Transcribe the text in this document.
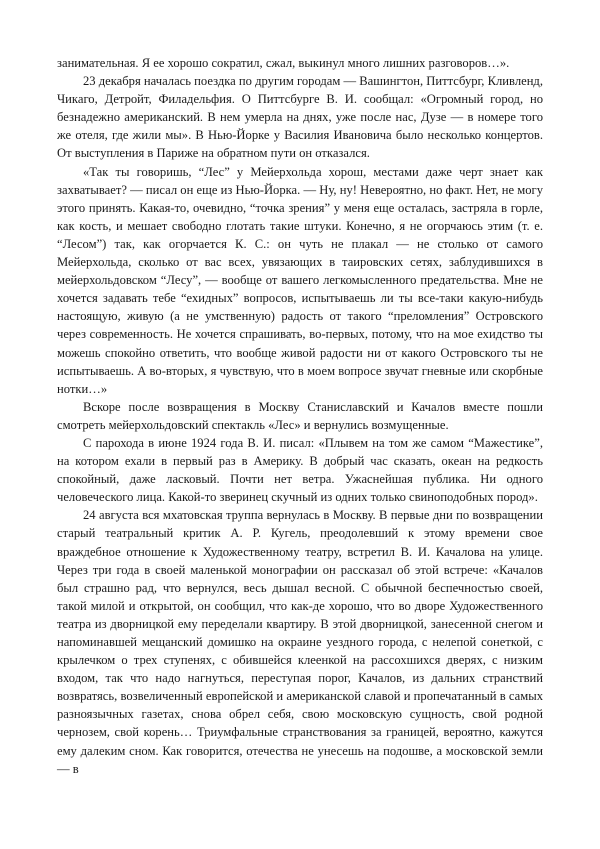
занимательная. Я ее хорошо сократил, сжал, выкинул много лишних разговоров…».

23 декабря началась поездка по другим городам — Вашингтон, Питтсбург, Кливленд, Чикаго, Детройт, Филадельфия. О Питтсбурге В. И. сообщал: «Огромный город, но безнадежно американский. В нем умерла на днях, уже после нас, Дузе — в номере того же отеля, где жили мы». В Нью-Йорке у Василия Ивановича было несколько концертов. От выступления в Париже на обратном пути он отказался.

«Так ты говоришь, “Лес” у Мейерхольда хорош, местами даже черт знает как захватывает? — писал он еще из Нью-Йорка. — Ну, ну! Невероятно, но факт. Нет, не могу этого принять. Какая-то, очевидно, “точка зрения” у меня еще осталась, застряла в горле, как кость, и мешает свободно глотать такие штуки. Конечно, я не огорчаюсь этим (т. е. “Лесом”) так, как огорчается К. С.: он чуть не плакал — не столько от самого Мейерхольда, сколько от вас всех, увязающих в таировских сетях, заблудившихся в мейерхольдовском “Лесу”, — вообще от вашего легкомысленного предательства. Мне не хочется задавать тебе “ехидных” вопросов, испытываешь ли ты все-таки какую-нибудь настоящую, живую (а не умственную) радость от такого “преломления” Островского через современность. Не хочется спрашивать, во-первых, потому, что на мое ехидство ты можешь спокойно ответить, что вообще живой радости ни от какого Островского ты не испытываешь. А во-вторых, я чувствую, что в моем вопросе звучат гневные или скорбные нотки…»

Вскоре после возвращения в Москву Станиславский и Качалов вместе пошли смотреть мейерхольдовский спектакль «Лес» и вернулись возмущенные.

С парохода в июне 1924 года В. И. писал: «Плывем на том же самом “Мажестике”, на котором ехали в первый раз в Америку. В добрый час сказать, океан на редкость спокойный, даже ласковый. Почти нет ветра. Ужаснейшая публика. Ни одного человеческого лица. Какой-то зверинец скучный из одних только свиноподобных пород».

24 августа вся мхатовская труппа вернулась в Москву. В первые дни по возвращении старый театральный критик А. Р. Кугель, преодолевший к этому времени свое враждебное отношение к Художественному театру, встретил В. И. Качалова на улице. Через три года в своей маленькой монографии он рассказал об этой встрече: «Качалов был страшно рад, что вернулся, весь дышал весной. С обычной беспечностью своей, такой милой и открытой, он сообщил, что как-де хорошо, что во дворе Художественного театра из дворницкой ему переделали квартиру. В этой дворницкой, занесенной снегом и напоминавшей мещанский домишко на окраине уездного города, с нелепой сонеткой, с крылечком о трех ступенях, с обившейся клеенкой на рассохшихся дверях, с низким входом, так что надо нагнуться, переступая порог, Качалов, из дальних странствий возвратясь, возвеличенный европейской и американской славой и пропечатанный в самых разноязычных газетах, снова обрел себя, свою московскую сущность, свой родной чернозем, свой корень… Триумфальные странствования за границей, вероятно, кажутся ему далеким сном. Как говорится, отечества не унесешь на подошве, а московской земли — в
